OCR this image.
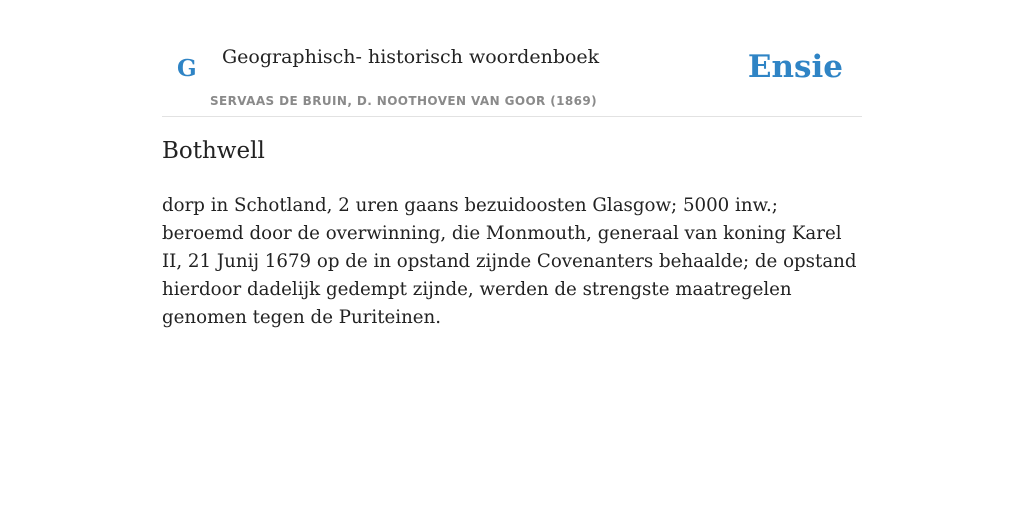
G Geographisch- historisch woordenboek
SERVAAS DE BRUIN, D. NOOTHOVEN VAN GOOR (1869)
Ensie
Bothwell

dorp in Schotland, 2 uren gaans bezuidoosten Glasgow; 5000 inw.; beroemd door de overwinning, die Monmouth, generaal van koning Karel II, 21 Junij 1679 op de in opstand zijnde Covenanters behaalde; de opstand hierdoor dadelijk gedempt zijnde, werden de strengste maatregelen genomen tegen de Puriteinen.
